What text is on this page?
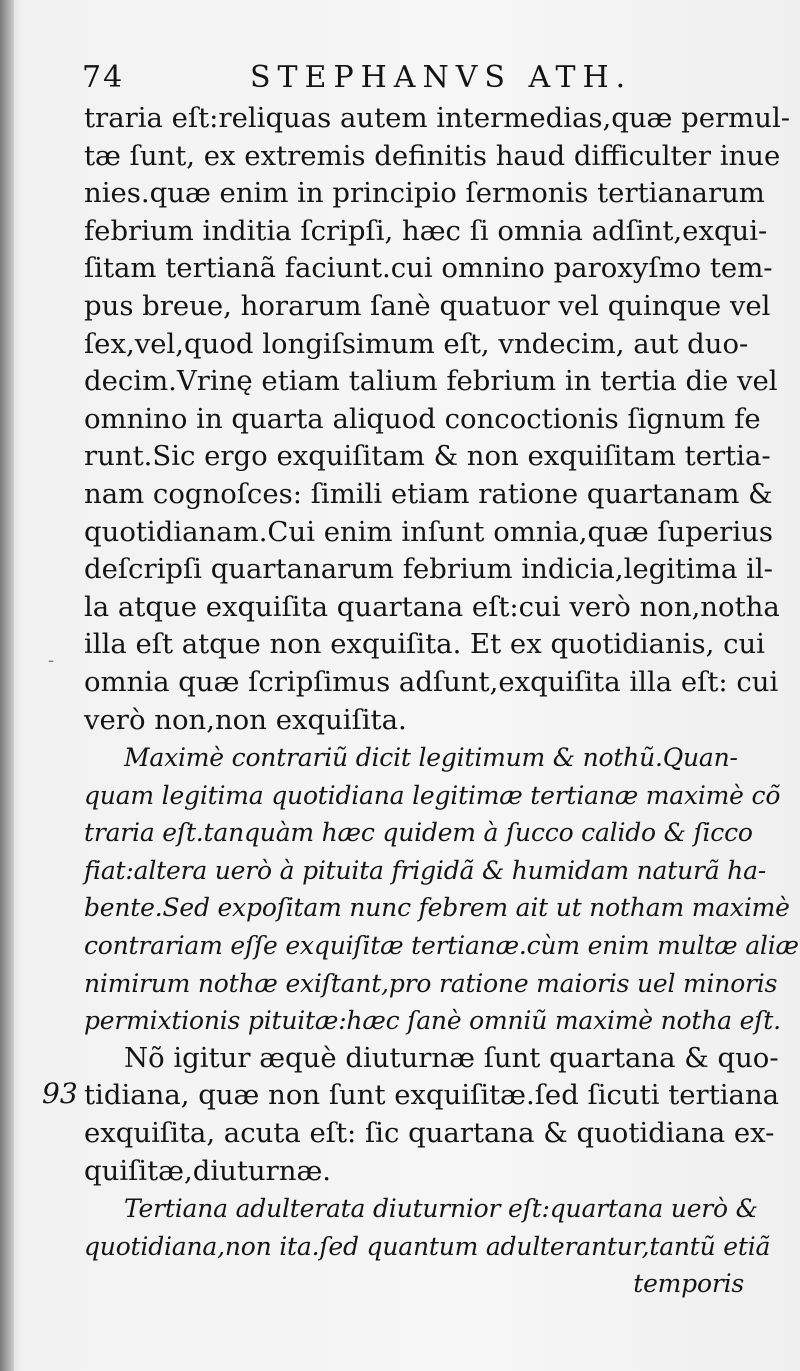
74	STEPHANVS ATH.
-
93
traria eſt:reliquas autem intermedias,quæ permul-
tæ ſunt, ex extremis definitis haud difficulter inue
nies.quæ enim in principio ſermonis tertianarum
febrium inditia ſcripſi, hæc ſi omnia adſint,exqui-
ſitam tertianã faciunt.cui omnino paroxyſmo tem-
pus breue, horarum ſanè quatuor vel quinque vel
ſex,vel,quod longiſsimum eſt, vndecim, aut duo-
decim.Vrinę etiam talium febrium in tertia die vel
omnino in quarta aliquod concoctionis ſignum fe
runt.Sic ergo exquiſitam & non exquiſitam tertia-
nam cognoſces: ſimili etiam ratione quartanam &
quotidianam.Cui enim inſunt omnia,quæ ſuperius
deſcripſi quartanarum febrium indicia,legitima il-
la atque exquiſita quartana eſt:cui verò non,notha
illa eſt atque non exquiſita. Et ex quotidianis, cui
omnia quæ ſcripſimus adſunt,exquiſita illa eſt: cui
verò non,non exquiſita.
Maximè contrariũ dicit legitimum & nothũ.Quan-
quam legitima quotidiana legitimæ tertianæ maximè cõ
traria eſt.tanquàm hæc quidem à ſucco calido & ſicco
fiat:altera uerò à pituita frigidã & humidam naturã ha-
bente.Sed expoſitam nunc febrem ait ut notham maximè
contrariam eſſe exquiſitæ tertianæ.cùm enim multæ aliæ
nimirum nothæ exiſtant,pro ratione maioris uel minoris
permixtionis pituitæ:hæc ſanè omniũ maximè notha eſt.
Nõ igitur æquè diuturnæ ſunt quartana & quo-
tidiana, quæ non ſunt exquiſitæ.ſed ſicuti tertiana
exquiſita, acuta eſt: ſic quartana & quotidiana ex-
quiſitæ,diuturnæ.
Tertiana adulterata diuturnior eſt:quartana uerò &
quotidiana,non ita.ſed quantum adulterantur,tantũ etiã
temporis
